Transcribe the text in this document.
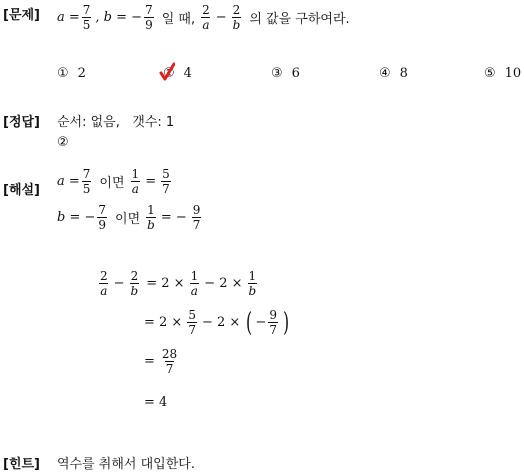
[문제] $a = \frac{7}{5}$ , b = − $\frac{7}{9}$ 일 때, $\frac{2}{a} - \frac{2}{b}$ 의 값을 구하여라.
① 2	② 4	③ 6	④ 8	⑤ 10
[정답] 순서: 없음,   갯수: 1
②
[해설]
$a = \frac{7}{5}$ 이면 $\frac{1}{a} = \frac{5}{7}$
b = − $\frac{7}{9}$ 이면 $\frac{1}{b}$ = − $\frac{9}{7}$
$\frac{2}{a} - \frac{2}{b} = 2 \times \frac{1}{a} - 2 \times \frac{1}{b}$
= $2 \times \frac{5}{7} - 2$ × ( − $\frac{9}{7}$ )
= $\frac{28}{7}$
= 4
[힌트] 역수를 취해서 대입한다.
